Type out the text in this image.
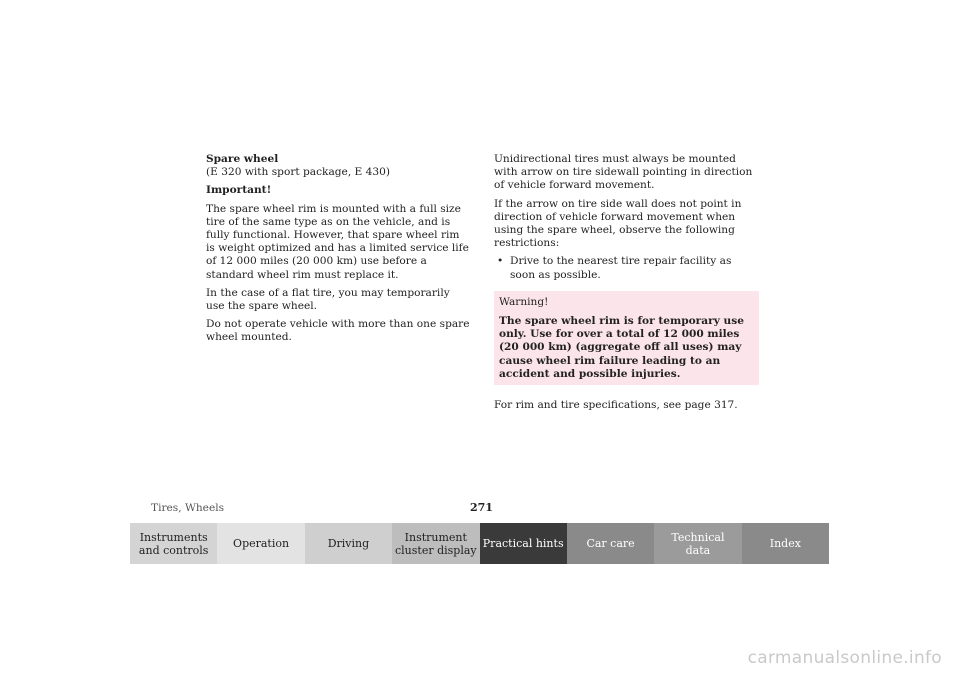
Spare wheel
(E 320 with sport package, E 430)

Important!

The spare wheel rim is mounted with a full size tire of the same type as on the vehicle, and is fully functional. However, that spare wheel rim is weight optimized and has a limited service life of 12 000 miles (20 000 km) use before a standard wheel rim must replace it.

In the case of a flat tire, you may temporarily use the spare wheel.

Do not operate vehicle with more than one spare wheel mounted.

Unidirectional tires must always be mounted with arrow on tire sidewall pointing in direction of vehicle forward movement.

If the arrow on tire side wall does not point in direction of vehicle forward movement when using the spare wheel, observe the following restrictions:

• Drive to the nearest tire repair facility as soon as possible.

Warning!
The spare wheel rim is for temporary use only. Use for over a total of 12 000 miles (20 000 km) (aggregate off all uses) may cause wheel rim failure leading to an accident and possible injuries.

For rim and tire specifications, see page 317.

Tires, Wheels	271
Instruments
and controls	Operation	Driving	Instrument
cluster display Practical hints	Car care	Technical
data	Index
carmanualsonline.info
